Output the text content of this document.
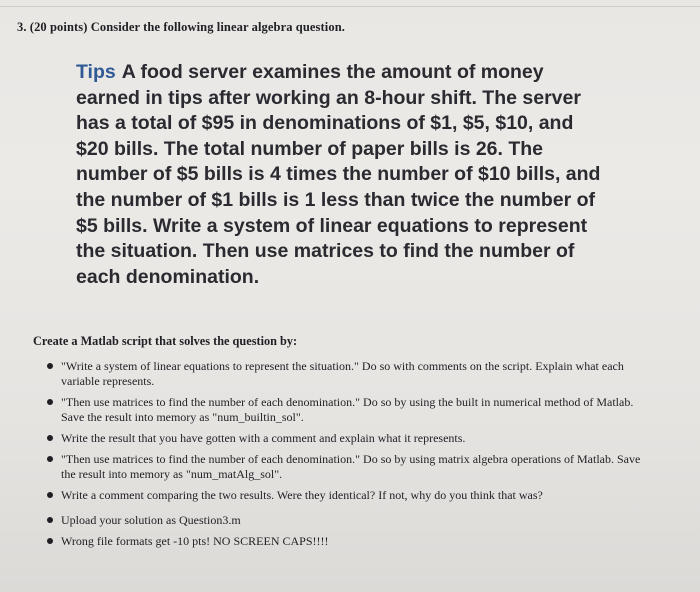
3. (20 points) Consider the following linear algebra question.
Tips A food server examines the amount of money earned in tips after working an 8-hour shift. The server has a total of $95 in denominations of $1, $5, $10, and $20 bills. The total number of paper bills is 26. The number of $5 bills is 4 times the number of $10 bills, and the number of $1 bills is 1 less than twice the number of $5 bills. Write a system of linear equations to represent the situation. Then use matrices to find the number of each denomination.
Create a Matlab script that solves the question by:
"Write a system of linear equations to represent the situation." Do so with comments on the script. Explain what each variable represents.
"Then use matrices to find the number of each denomination." Do so by using the built in numerical method of Matlab. Save the result into memory as "num_builtin_sol".
Write the result that you have gotten with a comment and explain what it represents.
"Then use matrices to find the number of each denomination." Do so by using matrix algebra operations of Matlab. Save the result into memory as "num_matAlg_sol".
Write a comment comparing the two results. Were they identical? If not, why do you think that was?
Upload your solution as Question3.m
Wrong file formats get -10 pts! NO SCREEN CAPS!!!!
